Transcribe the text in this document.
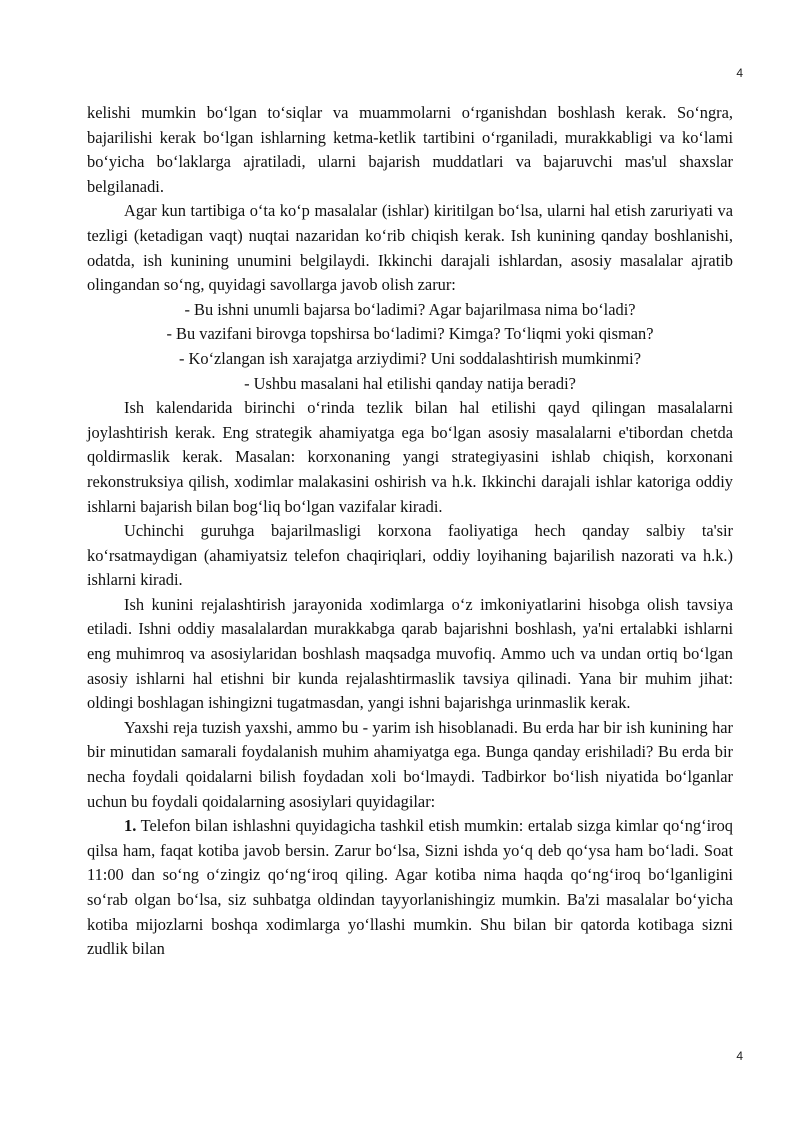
4

kelishi mumkin bo‘lgan to‘siqlar va muammolarni o‘rganishdan boshlash kerak. So‘ngra, bajarilishi kerak bo‘lgan ishlarning ketma-ketlik tartibini o‘rganiladi, murakkabligi va ko‘lami bo‘yicha bo‘laklarga ajratiladi, ularni bajarish muddatlari va bajaruvchi mas'ul shaxslar belgilanadi.

Agar kun tartibiga o‘ta ko‘p masalalar (ishlar) kiritilgan bo‘lsa, ularni hal etish zaruriyati va tezligi (ketadigan vaqt) nuqtai nazaridan ko‘rib chiqish kerak. Ish kunining qanday boshlanishi, odatda, ish kunining unumini belgilaydi. Ikkinchi darajali ishlardan, asosiy masalalar ajratib olingandan so‘ng, quyidagi savollarga javob olish zarur:

- Bu ishni unumli bajarsa bo‘ladimi? Agar bajarilmasa nima bo‘ladi?

- Bu vazifani birovga topshirsa bo‘ladimi? Kimga? To‘liqmi yoki qisman?

- Ko‘zlangan ish xarajatga arziydimi? Uni soddalashtirish mumkinmi?

- Ushbu masalani hal etilishi qanday natija beradi?

Ish kalendarida birinchi o‘rinda tezlik bilan hal etilishi qayd qilingan masalalarni joylashtirish kerak. Eng strategik ahamiyatga ega bo‘lgan asosiy masalalarni e'tibordan chetda qoldirmaslik kerak. Masalan: korxonaning yangi strategiyasini ishlab chiqish, korxonani rekonstruksiya qilish, xodimlar malakasini oshirish va h.k. Ikkinchi darajali ishlar katoriga oddiy ishlarni bajarish bilan bog‘liq bo‘lgan vazifalar kiradi.

Uchinchi guruhga bajarilmasligi korxona faoliyatiga hech qanday salbiy ta'sir ko‘rsatmaydigan (ahamiyatsiz telefon chaqiriqlari, oddiy loyihaning bajarilish nazorati va h.k.) ishlarni kiradi.

Ish kunini rejalashtirish jarayonida xodimlarga o‘z imkoniyatlarini hisobga olish tavsiya etiladi. Ishni oddiy masalalardan murakkabga qarab bajarishni boshlash, ya'ni ertalabki ishlarni eng muhimroq va asosiylaridan boshlash maqsadga muvofiq. Ammo uch va undan ortiq bo‘lgan asosiy ishlarni hal etishni bir kunda rejalashtirmaslik tavsiya qilinadi. Yana bir muhim jihat: oldingi boshlagan ishingizni tugatmasdan, yangi ishni bajarishga urinmaslik kerak.

Yaxshi reja tuzish yaxshi, ammo bu - yarim ish hisoblanadi. Bu erda har bir ish kunining har bir minutidan samarali foydalanish muhim ahamiyatga ega. Bunga qanday erishiladi? Bu erda bir necha foydali qoidalarni bilish foydadan xoli bo‘lmaydi. Tadbirkor bo‘lish niyatida bo‘lganlar uchun bu foydali qoidalarning asosiylari quyidagilar:

1. Telefon bilan ishlashni quyidagicha tashkil etish mumkin: ertalab sizga kimlar qo‘ng‘iroq qilsa ham, faqat kotiba javob bersin. Zarur bo‘lsa, Sizni ishda yo‘q deb qo‘ysa ham bo‘ladi. Soat 11:00 dan so‘ng o‘zingiz qo‘ng‘iroq qiling. Agar kotiba nima haqda qo‘ng‘iroq bo‘lganligini so‘rab olgan bo‘lsa, siz suhbatga oldindan tayyorlanishingiz mumkin. Ba'zi masalalar bo‘yicha kotiba mijozlarni boshqa xodimlarga yo‘llashi mumkin. Shu bilan bir qatorda kotibaga sizni zudlik bilan

4
